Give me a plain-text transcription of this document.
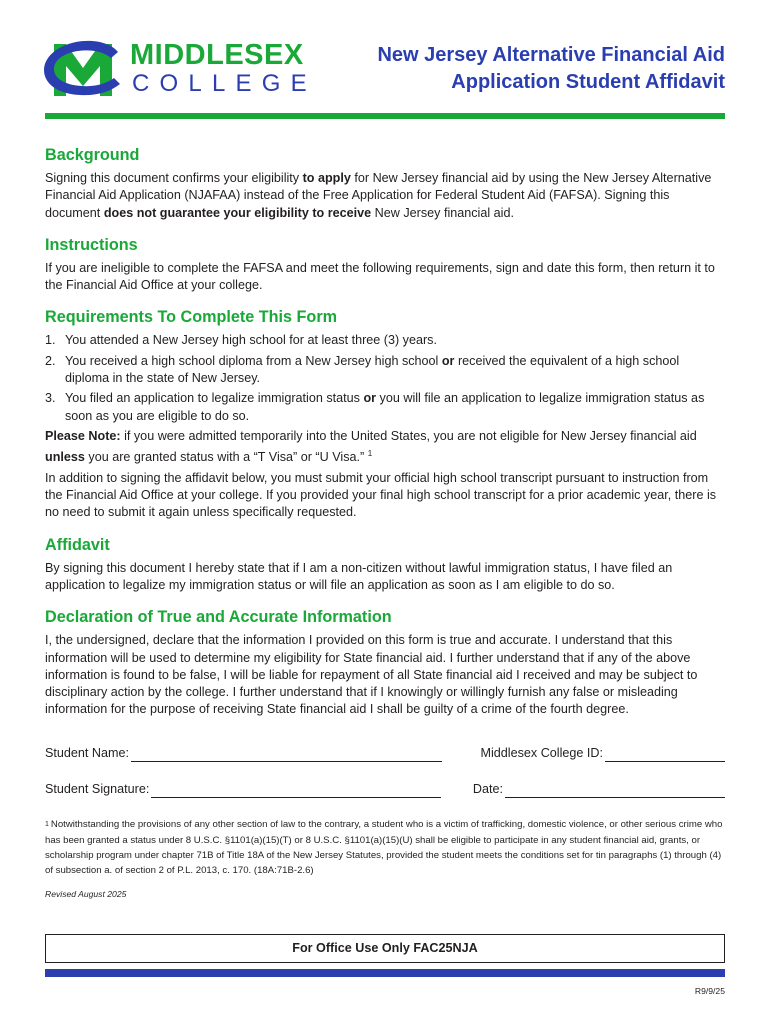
MIDDLESEX
COLLEGE
New Jersey Alternative Financial Aid
Application Student Affidavit
Background

Signing this document confirms your eligibility to apply for New Jersey financial aid by using the New Jersey Alternative Financial Aid Application (NJAFAA) instead of the Free Application for Federal Student Aid (FAFSA). Signing this document does not guarantee your eligibility to receive New Jersey financial aid.

Instructions

If you are ineligible to complete the FAFSA and meet the following requirements, sign and date this form, then return it to the Financial Aid Office at your college.

Requirements To Complete This Form
1. You attended a New Jersey high school for at least three (3) years.
2. You received a high school diploma from a New Jersey high school or received the equivalent of a high school diploma in the state of New Jersey.
3. You filed an application to legalize immigration status or you will file an application to legalize immigration status as soon as you are eligible to do so.

Please Note: if you were admitted temporarily into the United States, you are not eligible for New Jersey financial aid unless you are granted status with a “T Visa” or “U Visa.” $^1$

In addition to signing the affidavit below, you must submit your official high school transcript pursuant to instruction from the Financial Aid Office at your college. If you provided your final high school transcript for a prior academic year, there is no need to submit it again unless specifically requested.

Affidavit

By signing this document I hereby state that if I am a non-citizen without lawful immigration status, I have filed an application to legalize my immigration status or will file an application as soon as I am eligible to do so.

Declaration of True and Accurate Information

I, the undersigned, declare that the information I provided on this form is true and accurate. I understand that this information will be used to determine my eligibility for State financial aid. I further understand that if any of the above information is found to be false, I will be liable for repayment of all State financial aid I received and may be subject to disciplinary action by the college. I further understand that if I knowingly or willingly furnish any false or misleading information for the purpose of receiving State financial aid I shall be guilty of a crime of the fourth degree.

Student Name:	Middlesex College ID:
Student Signature:	Date:

$^1$ Notwithstanding the provisions of any other section of law to the contrary, a student who is a victim of trafficking, domestic violence, or other serious crime who has been granted a status under 8 U.S.C. §1101(a)(15)(T) or 8 U.S.C. §1101(a)(15)(U) shall be eligible to participate in any student financial aid, grants, or scholarship program under chapter 71B of Title 18A of the New Jersey Statutes, provided the student meets the conditions set for tin paragraphs (1) through (4) of subsection a. of section 2 of P.L. 2013, c. 170. (18A:71B-2.6)

Revised August 2025

For Office Use Only FAC25NJA
R9/9/25
